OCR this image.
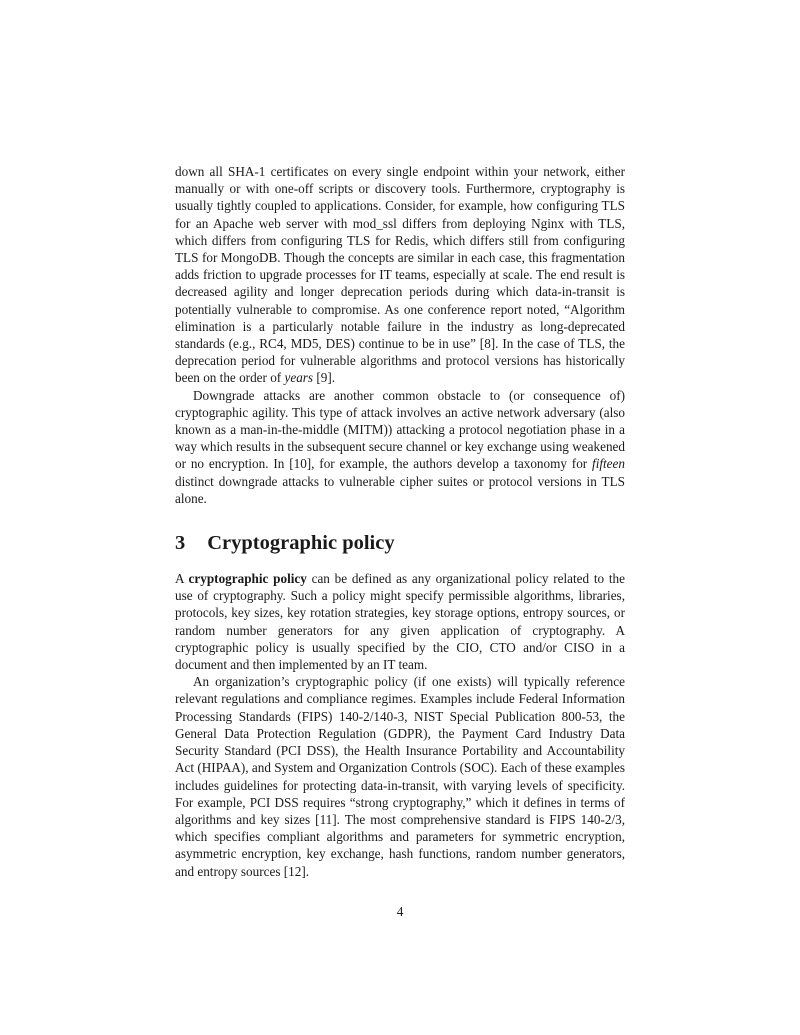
down all SHA-1 certificates on every single endpoint within your network, either manually or with one-off scripts or discovery tools. Furthermore, cryptography is usually tightly coupled to applications. Consider, for example, how configuring TLS for an Apache web server with mod_ssl differs from deploying Nginx with TLS, which differs from configuring TLS for Redis, which differs still from configuring TLS for MongoDB. Though the concepts are similar in each case, this fragmentation adds friction to upgrade processes for IT teams, especially at scale. The end result is decreased agility and longer deprecation periods during which data-in-transit is potentially vulnerable to compromise. As one conference report noted, “Algorithm elimination is a particularly notable failure in the industry as long-deprecated standards (e.g., RC4, MD5, DES) continue to be in use” [8]. In the case of TLS, the deprecation period for vulnerable algorithms and protocol versions has historically been on the order of years [9].

Downgrade attacks are another common obstacle to (or consequence of) cryptographic agility. This type of attack involves an active network adversary (also known as a man-in-the-middle (MITM)) attacking a protocol negotiation phase in a way which results in the subsequent secure channel or key exchange using weakened or no encryption. In [10], for example, the authors develop a taxonomy for fifteen distinct downgrade attacks to vulnerable cipher suites or protocol versions in TLS alone.

3 Cryptographic policy

A cryptographic policy can be defined as any organizational policy related to the use of cryptography. Such a policy might specify permissible algorithms, libraries, protocols, key sizes, key rotation strategies, key storage options, entropy sources, or random number generators for any given application of cryptography. A cryptographic policy is usually specified by the CIO, CTO and/or CISO in a document and then implemented by an IT team.

An organization’s cryptographic policy (if one exists) will typically reference relevant regulations and compliance regimes. Examples include Federal Information Processing Standards (FIPS) 140-2/140-3, NIST Special Publication 800-53, the General Data Protection Regulation (GDPR), the Payment Card Industry Data Security Standard (PCI DSS), the Health Insurance Portability and Accountability Act (HIPAA), and System and Organization Controls (SOC). Each of these examples includes guidelines for protecting data-in-transit, with varying levels of specificity. For example, PCI DSS requires “strong cryptography,” which it defines in terms of algorithms and key sizes [11]. The most comprehensive standard is FIPS 140-2/3, which specifies compliant algorithms and parameters for symmetric encryption, asymmetric encryption, key exchange, hash functions, random number generators, and entropy sources [12].

4
